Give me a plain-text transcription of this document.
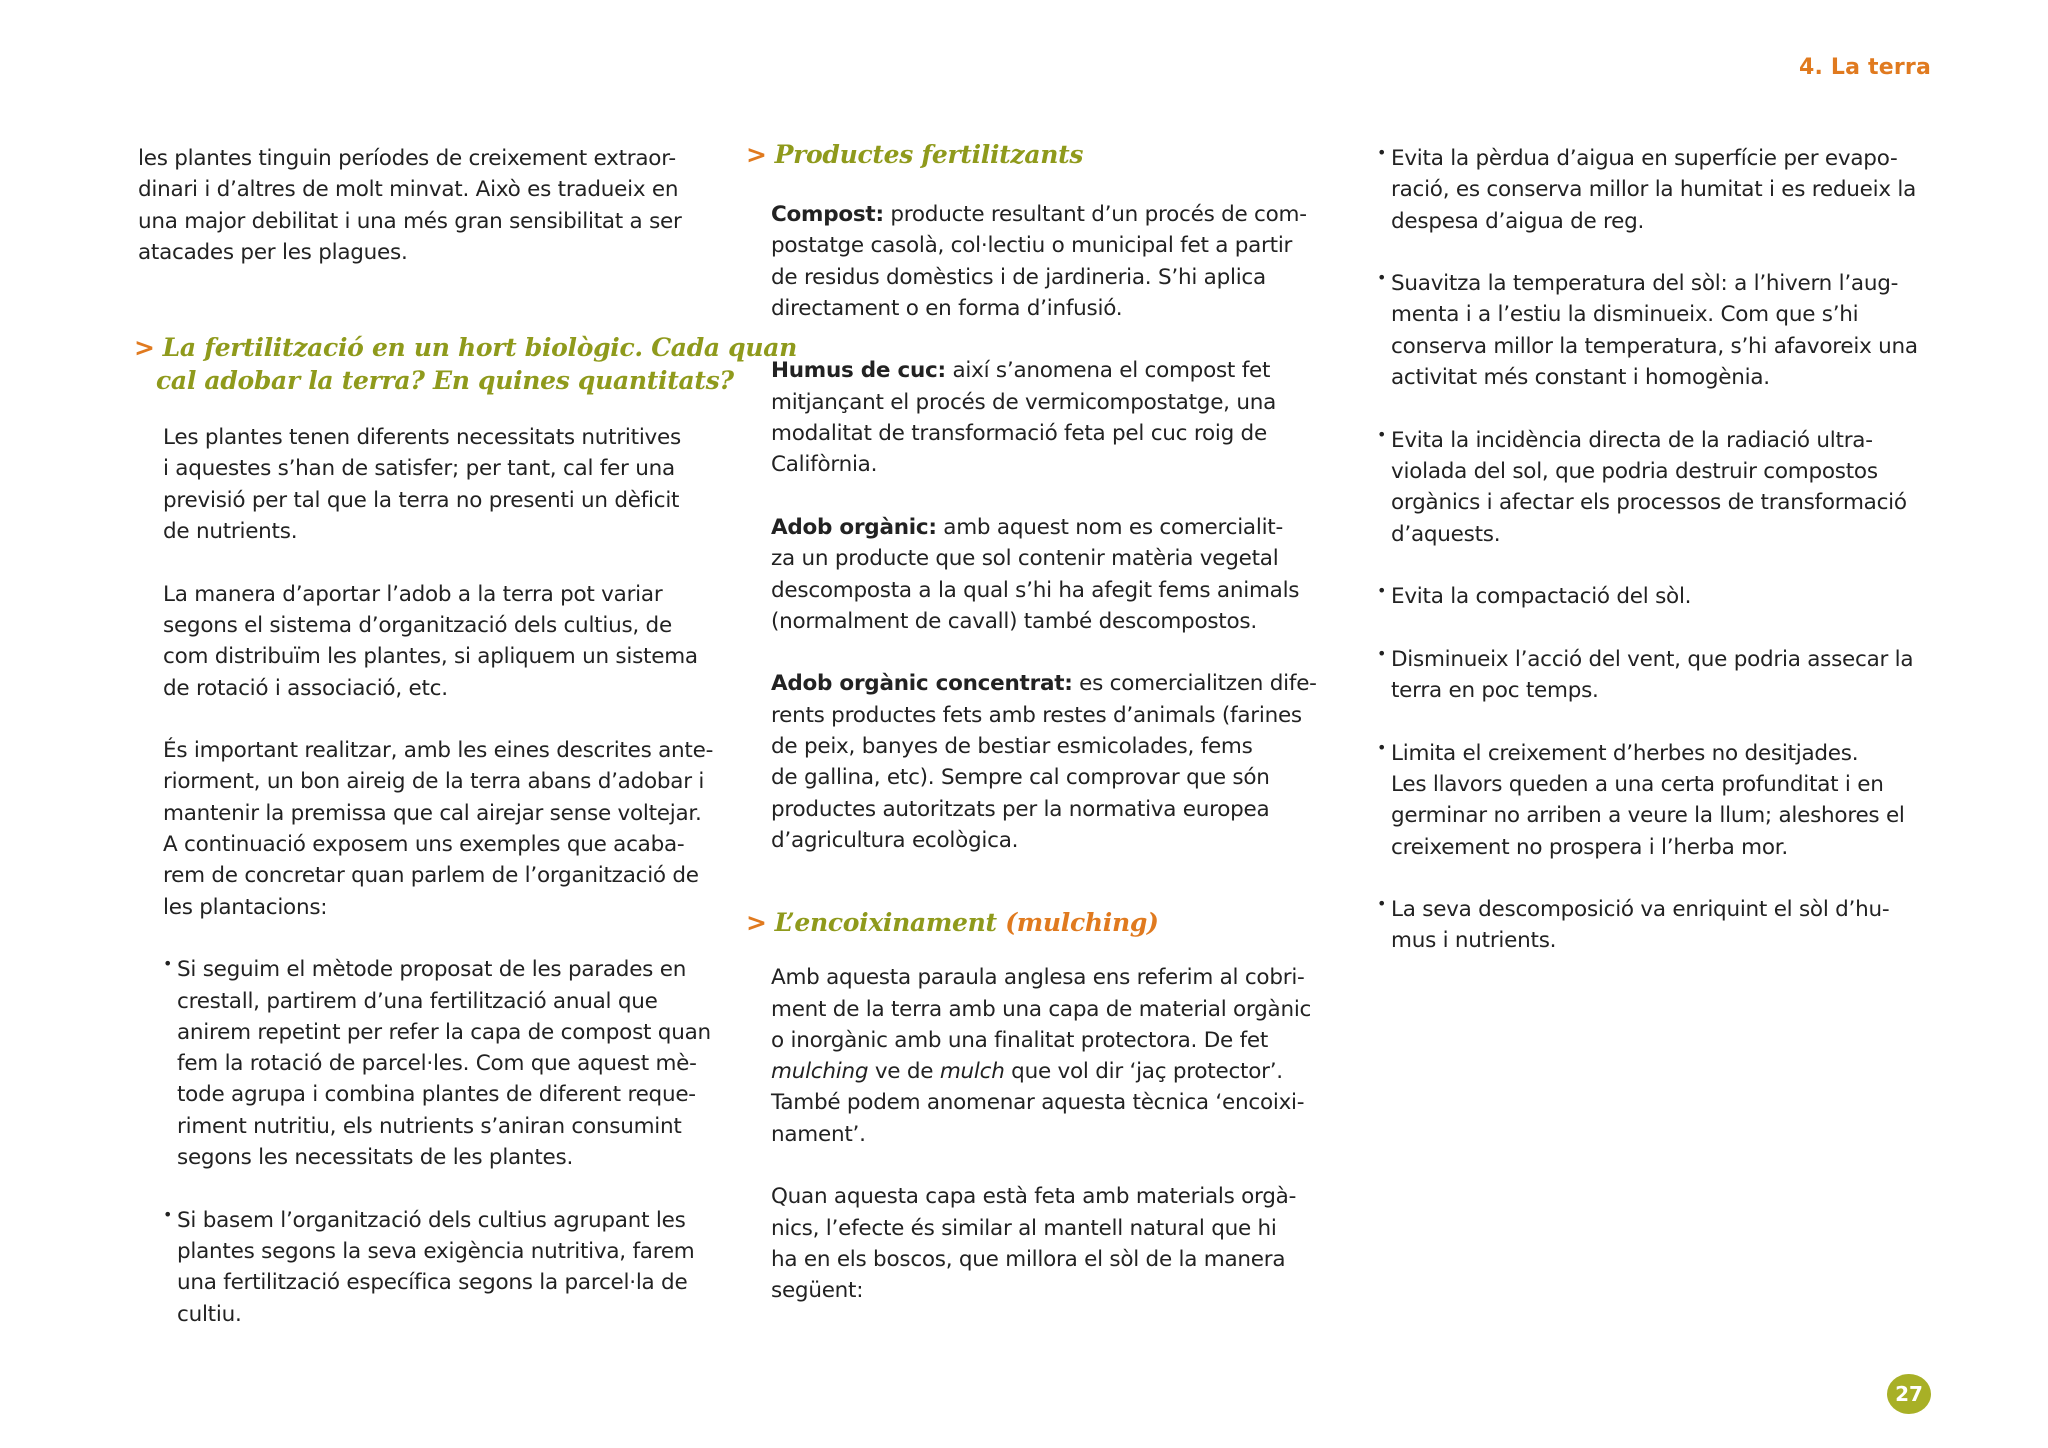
4. La terra

les plantes tinguin períodes de creixement extraor-
dinari i d’altres de molt minvat. Això es tradueix en
una major debilitat i una més gran sensibilitat a ser
atacades per les plagues.

> La fertilització en un hort biològic. Cada quan
cal adobar la terra? En quines quantitats?

Les plantes tenen diferents necessitats nutritives
i aquestes s’han de satisfer; per tant, cal fer una
previsió per tal que la terra no presenti un dèficit
de nutrients.

La manera d’aportar l’adob a la terra pot variar
segons el sistema d’organització dels cultius, de
com distribuïm les plantes, si apliquem un sistema
de rotació i associació, etc.

És important realitzar, amb les eines descrites ante-
riorment, un bon aireig de la terra abans d’adobar i
mantenir la premissa que cal airejar sense voltejar.
A continuació exposem uns exemples que acaba-
rem de concretar quan parlem de l’organització de
les plantacions:

• Si seguim el mètode proposat de les parades en
crestall, partirem d’una fertilització anual que
anirem repetint per refer la capa de compost quan
fem la rotació de parcel·les. Com que aquest mè-
tode agrupa i combina plantes de diferent reque-
riment nutritiu, els nutrients s’aniran consumint
segons les necessitats de les plantes.

• Si basem l’organització dels cultius agrupant les
plantes segons la seva exigència nutritiva, farem
una fertilització específica segons la parcel·la de
cultiu.

> Productes fertilitzants

Compost: producte resultant d’un procés de com-
postatge casolà, col·lectiu o municipal fet a partir
de residus domèstics i de jardineria. S’hi aplica
directament o en forma d’infusió.

Humus de cuc: així s’anomena el compost fet
mitjançant el procés de vermicompostatge, una
modalitat de transformació feta pel cuc roig de
Califòrnia.

Adob orgànic: amb aquest nom es comercialit-
za un producte que sol contenir matèria vegetal
descomposta a la qual s’hi ha afegit fems animals
(normalment de cavall) també descompostos.

Adob orgànic concentrat: es comercialitzen dife-
rents productes fets amb restes d’animals (farines
de peix, banyes de bestiar esmicolades, fems
de gallina, etc). Sempre cal comprovar que són
productes autoritzats per la normativa europea
d’agricultura ecològica.

> L’encoixinament (mulching)

Amb aquesta paraula anglesa ens referim al cobri-
ment de la terra amb una capa de material orgànic
o inorgànic amb una finalitat protectora. De fet
mulching ve de mulch que vol dir ‘jaç protector’.
També podem anomenar aquesta tècnica ‘encoixi-
nament’.

Quan aquesta capa està feta amb materials orgà-
nics, l’efecte és similar al mantell natural que hi
ha en els boscos, que millora el sòl de la manera
següent:

• Evita la pèrdua d’aigua en superfície per evapo-
ració, es conserva millor la humitat i es redueix la
despesa d’aigua de reg.

• Suavitza la temperatura del sòl: a l’hivern l’aug-
menta i a l’estiu la disminueix. Com que s’hi
conserva millor la temperatura, s’hi afavoreix una
activitat més constant i homogènia.

• Evita la incidència directa de la radiació ultra-
violada del sol, que podria destruir compostos
orgànics i afectar els processos de transformació
d’aquests.

• Evita la compactació del sòl.

• Disminueix l’acció del vent, que podria assecar la
terra en poc temps.

• Limita el creixement d’herbes no desitjades.
Les llavors queden a una certa profunditat i en
germinar no arriben a veure la llum; aleshores el
creixement no prospera i l’herba mor.

• La seva descomposició va enriquint el sòl d’hu-
mus i nutrients.

27
